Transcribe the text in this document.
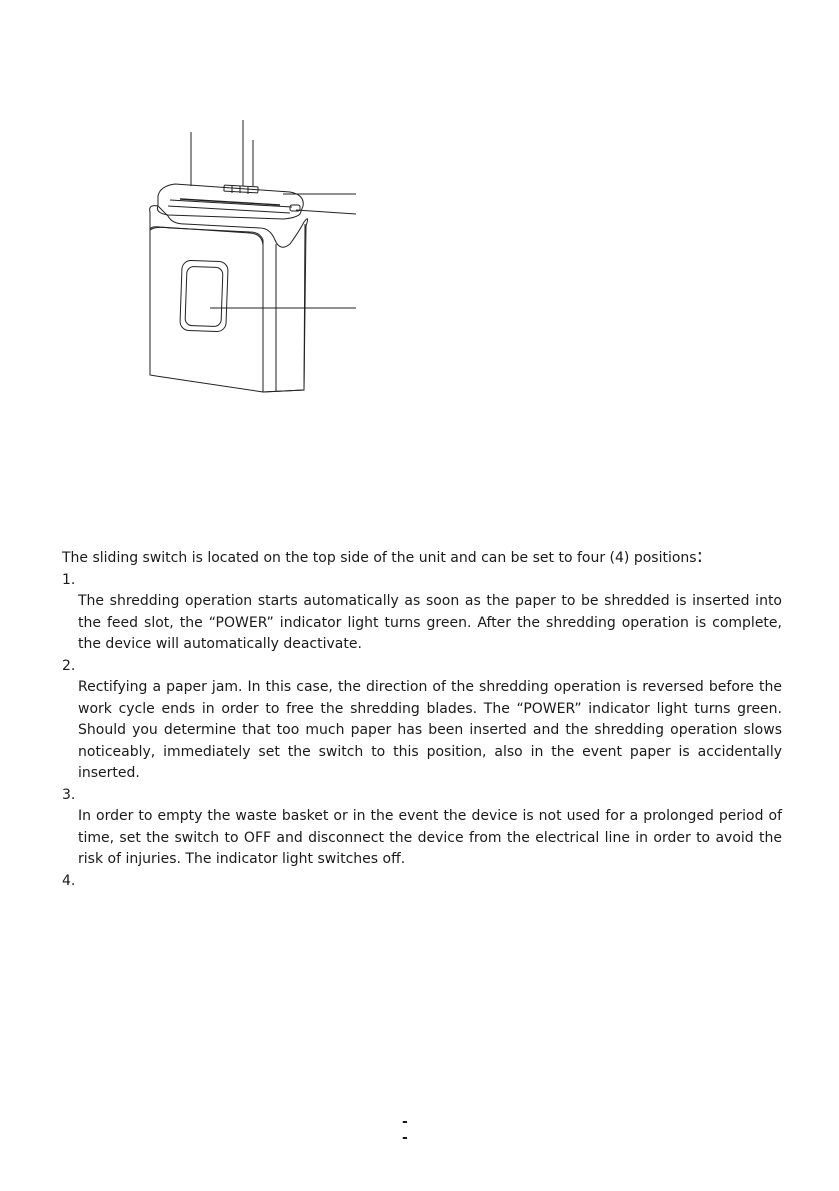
The sliding switch is located on the top side of the unit and can be set to four (4) positions:

1.
The shredding operation starts automatically as soon as the paper to be shredded is inserted into the feed slot, the “POWER” indicator light turns green. After the shredding operation is complete, the device will automatically deactivate.
2.
Rectifying a paper jam. In this case, the direction of the shredding operation is reversed before the work cycle ends in order to free the shredding blades. The “POWER” indicator light turns green. Should you determine that too much paper has been inserted and the shredding operation slows noticeably, immediately set the switch to this position, also in the event paper is accidentally inserted.
3.
In order to empty the waste basket or in the event the device is not used for a prolonged period of time, set the switch to OFF and disconnect the device from the electrical line in order to avoid the risk of injuries. The indicator light switches off.
4.
- -
